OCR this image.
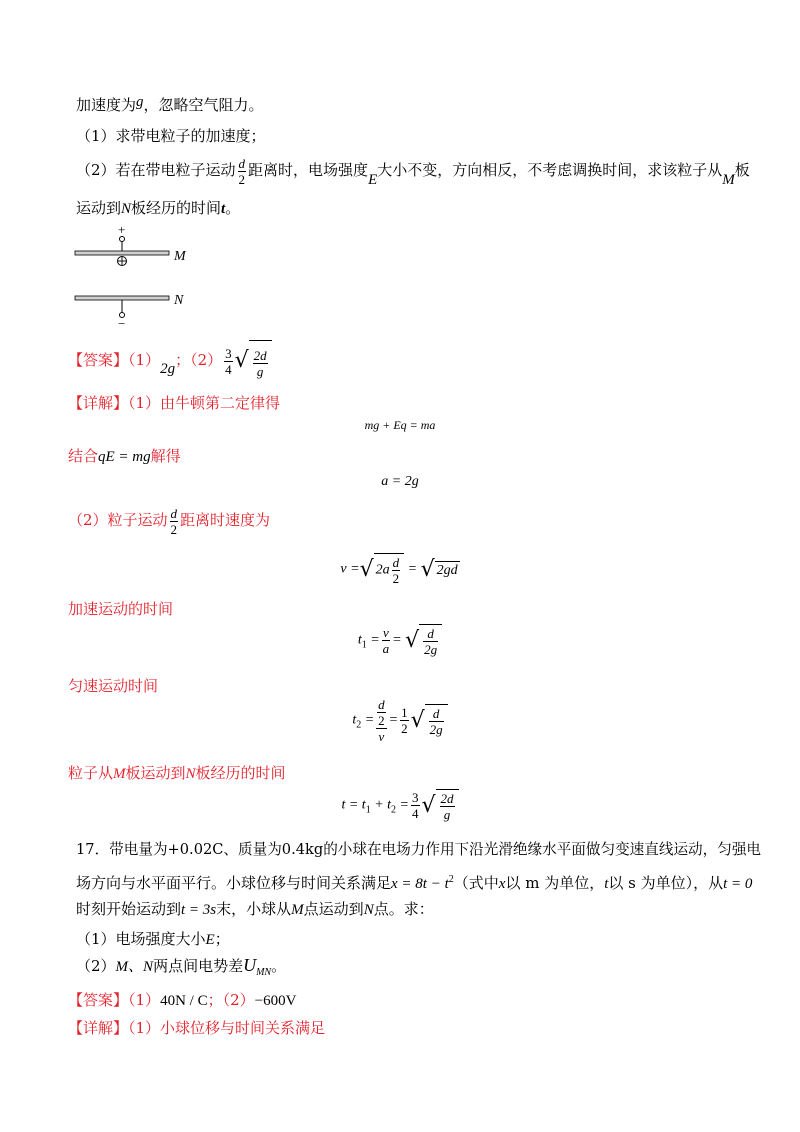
加速度为g，忽略空气阻力。
（1）求带电粒子的加速度；
（2）若在带电粒子运动 $\frac{d}{2}$ 距离时，电场强度E大小不变，方向相反，不考虑调换时间，求该粒子从M板
运动到N板经历的时间t。
+
M
−
N
【答案】（1）2g；$(2) \frac{3}{4}$ √ $\frac{2d}{g}$
【详解】（1）由牛顿第二定律得
mg + Eq = ma
结合qE = mg解得
a = 2g
（2）粒子运动 $\frac{d}{2}$ 距离时速度为
v =√ $2a \frac{d}{2}$ = √ 2gd
加速运动的时间
$t_1 = \frac{v}{a}$ = √ $\frac{d}{2g}$
匀速运动时间
$t_2 = \frac{\frac{d}{2}}{v} = \frac{1}{2}$ √ $\frac{d}{2g}$
粒子从M板运动到N板经历的时间
$t = t_1 + t_2 = \frac{3}{4}$ √ $\frac{2d}{g}$
17．带电量为+0.02C、质量为0.4kg的小球在电场力作用下沿光滑绝缘水平面做匀变速直线运动，匀强电
场方向与水平面平行。小球位移与时间关系满足$x = 8t - t^2$（式中x以 m 为单位，t以 s 为单位），从t = 0
时刻开始运动到t = 3s末，小球从M点运动到N点。求：
（1）电场强度大小E；
（2）M、N两点间电势差$U_{MN}$。
【答案】（1）40N / C；（2）−600V
【详解】（1）小球位移与时间关系满足
